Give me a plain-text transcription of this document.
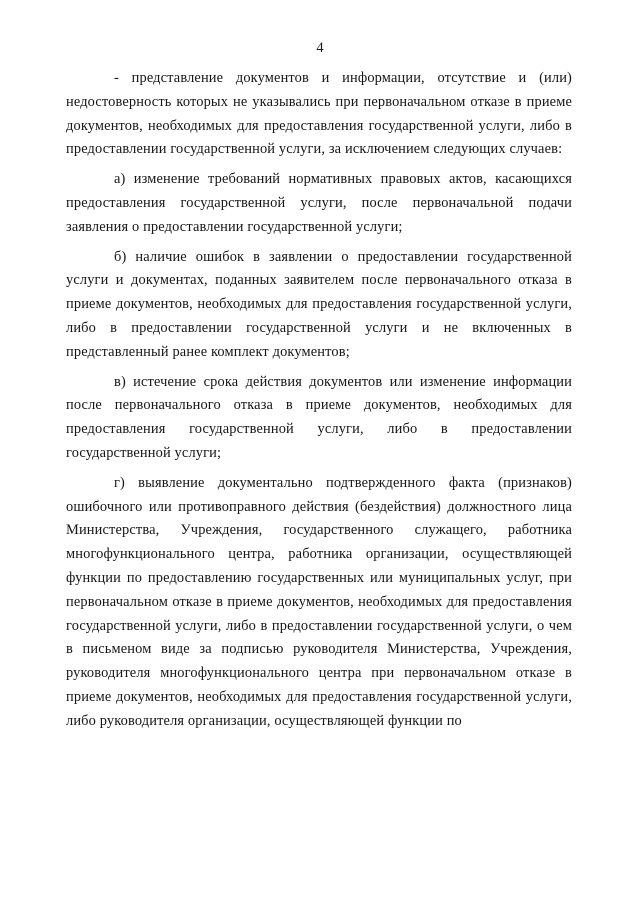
4

- представление документов и информации, отсутствие и (или) недостоверность которых не указывались при первоначальном отказе в приеме документов, необходимых для предоставления государственной услуги, либо в предоставлении государственной услуги, за исключением следующих случаев:

а) изменение требований нормативных правовых актов, касающихся предоставления государственной услуги, после первоначальной подачи заявления о предоставлении государственной услуги;

б) наличие ошибок в заявлении о предоставлении государственной услуги и документах, поданных заявителем после первоначального отказа в приеме документов, необходимых для предоставления государственной услуги, либо в предоставлении государственной услуги и не включенных в представленный ранее комплект документов;

в) истечение срока действия документов или изменение информации после первоначального отказа в приеме документов, необходимых для предоставления государственной услуги, либо в предоставлении государственной услуги;

г) выявление документально подтвержденного факта (признаков) ошибочного или противоправного действия (бездействия) должностного лица Министерства, Учреждения, государственного служащего, работника многофункционального центра, работника организации, осуществляющей функции по предоставлению государственных или муниципальных услуг, при первоначальном отказе в приеме документов, необходимых для предоставления государственной услуги, либо в предоставлении государственной услуги, о чем в письменом виде за подписью руководителя Министерства, Учреждения, руководителя многофункционального центра при первоначальном отказе в приеме документов, необходимых для предоставления государственной услуги, либо руководителя организации, осуществляющей функции по
